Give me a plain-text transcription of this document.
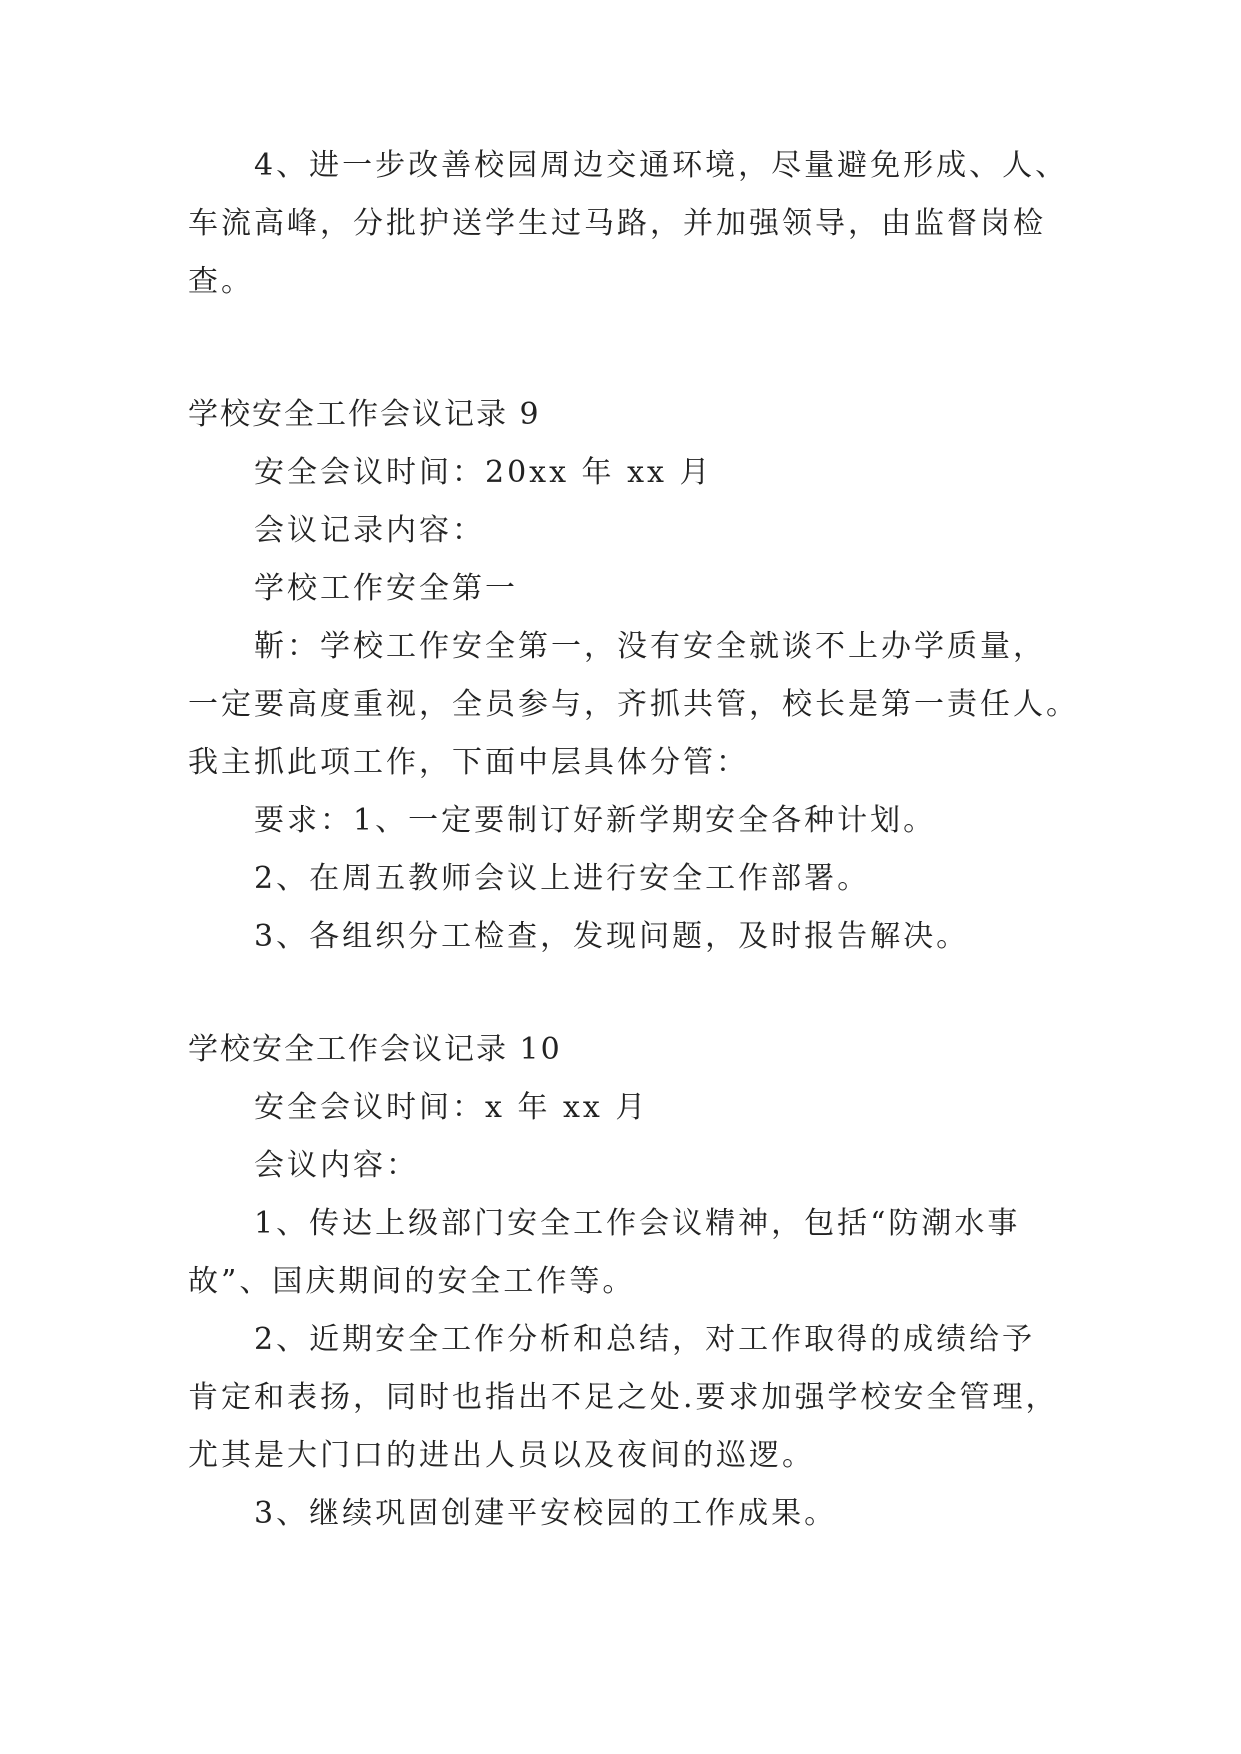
4、进一步改善校园周边交通环境，尽量避免形成、人、
车流高峰，分批护送学生过马路，并加强领导，由监督岗检
查。
学校安全工作会议记录 9
安全会议时间：20xx 年 xx 月
会议记录内容：
学校工作安全第一
靳：学校工作安全第一，没有安全就谈不上办学质量，
一定要高度重视，全员参与，齐抓共管，校长是第一责任人。
我主抓此项工作，下面中层具体分管：
要求：1、一定要制订好新学期安全各种计划。
2、在周五教师会议上进行安全工作部署。
3、各组织分工检查，发现问题，及时报告解决。
学校安全工作会议记录 10
安全会议时间：x 年 xx 月
会议内容：
1、传达上级部门安全工作会议精神，包括“防潮水事
故”、国庆期间的安全工作等。
2、近期安全工作分析和总结，对工作取得的成绩给予
肯定和表扬，同时也指出不足之处.要求加强学校安全管理，
尤其是大门口的进出人员以及夜间的巡逻。
3、继续巩固创建平安校园的工作成果。
